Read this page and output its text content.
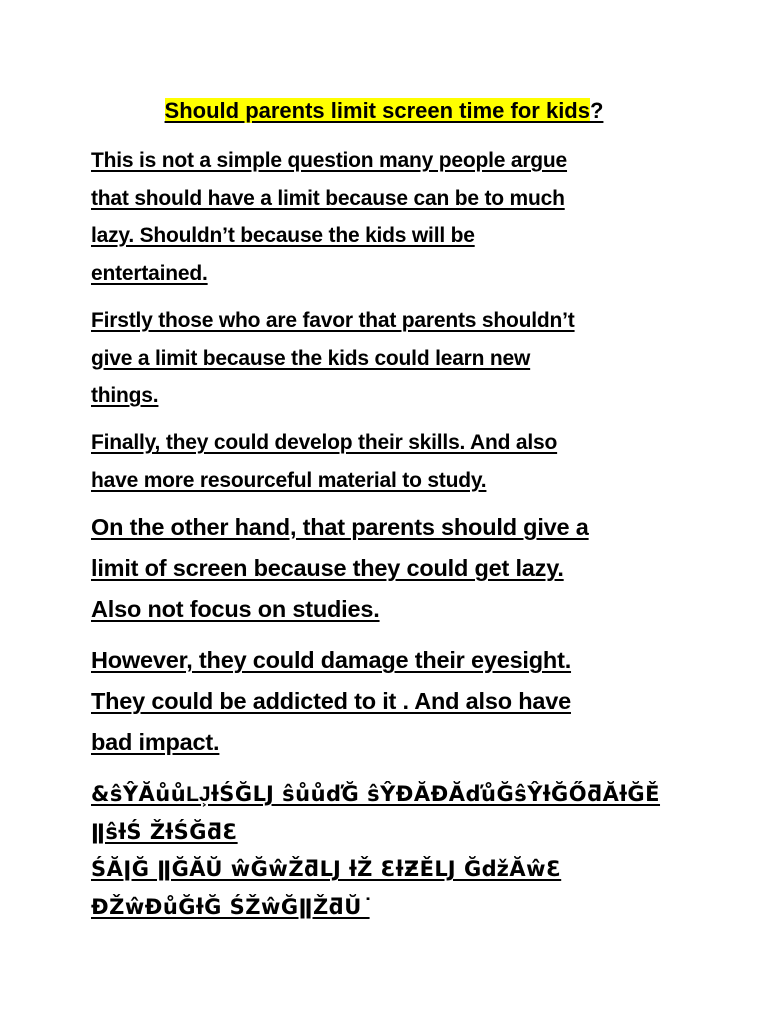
Should parents limit screen time for kids?

This is not a simple question many people argue
that should have a limit because can be to much
lazy. Shouldn’t because the kids will be
entertained.

Firstly those who are favor that parents shouldn’t
give a limit because the kids could learn new
things.

Finally, they could develop their skills. And also
have more resourceful material to study.

On the other hand, that parents should give a
limit of screen because they could get lazy.
Also not focus on studies.

However, they could damage their eyesight.
They could be addicted to it . And also have
bad impact.

&ŝŶĂůůǇ͕ƚŚĞǇ ŝůůďĞ ŝŶĐĂƉĂďůĞŝŶƚĞŐƌĂƚĞĚ ǁŝƚŚ ŽƚŚĞƌƐ
ŚĂǀĞ ǁĞĂŬ ŵĞŵŽƌǇ ƚŽ ƐƚƵĚǇ ĞǆĂŵƐ
ĐŽŵƉůĞƚĞ ŚŽŵĞǁŽƌŬ ͘
